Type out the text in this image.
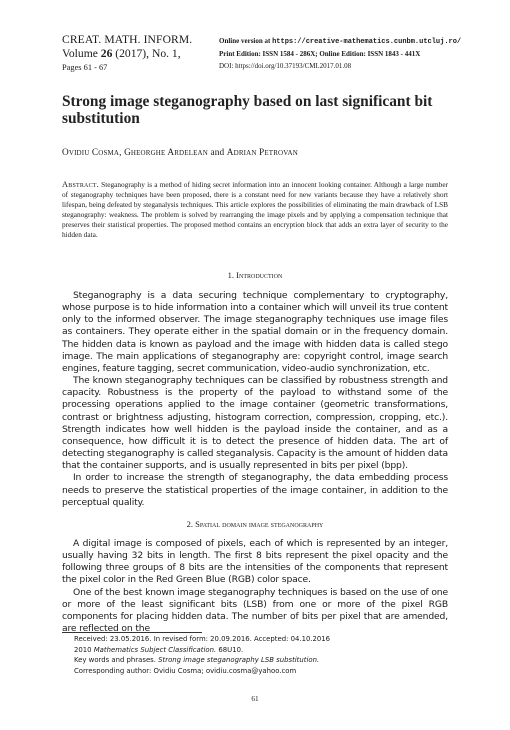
CREAT. MATH. INFORM.
Volume 26 (2017), No. 1,
Pages 61 - 67
Online version at https://creative-mathematics.cunbm.utcluj.ro/
Print Edition: ISSN 1584 - 286X; Online Edition: ISSN 1843 - 441X
DOI: https://doi.org/10.37193/CMI.2017.01.08
Strong image steganography based on last significant bit substitution
Ovidiu Cosma, Gheorghe Ardelean and Adrian Petrovan
Abstract. Steganography is a method of hiding secret information into an innocent looking container. Although a large number of steganography techniques have been proposed, there is a constant need for new variants because they have a relatively short lifespan, being defeated by steganalysis techniques. This article explores the possibilities of eliminating the main drawback of LSB steganography: weakness. The problem is solved by rearranging the image pixels and by applying a compensation technique that preserves their statistical properties. The proposed method contains an encryption block that adds an extra layer of security to the hidden data.
1. Introduction

Steganography is a data securing technique complementary to cryptography, whose purpose is to hide information into a container which will unveil its true content only to the informed observer. The image steganography techniques use image files as containers. They operate either in the spatial domain or in the frequency domain. The hidden data is known as payload and the image with hidden data is called stego image. The main applications of steganography are: copyright control, image search engines, feature tagging, secret communication, video-audio synchronization, etc.

The known steganography techniques can be classified by robustness strength and capacity. Robustness is the property of the payload to withstand some of the processing operations applied to the image container (geometric transformations, contrast or brightness adjusting, histogram correction, compression, cropping, etc.). Strength indicates how well hidden is the payload inside the container, and as a consequence, how difficult it is to detect the presence of hidden data. The art of detecting steganography is called steganalysis. Capacity is the amount of hidden data that the container supports, and is usually represented in bits per pixel (bpp).

In order to increase the strength of steganography, the data embedding process needs to preserve the statistical properties of the image container, in addition to the perceptual quality.

2. Spatial domain image steganography

A digital image is composed of pixels, each of which is represented by an integer, usually having 32 bits in length. The first 8 bits represent the pixel opacity and the following three groups of 8 bits are the intensities of the components that represent the pixel color in the Red Green Blue (RGB) color space.

One of the best known image steganography techniques is based on the use of one or more of the least significant bits (LSB) from one or more of the pixel RGB components for placing hidden data. The number of bits per pixel that are amended, are reflected on the

Received: 23.05.2016. In revised form: 20.09.2016. Accepted: 04.10.2016
2010 Mathematics Subject Classification. 68U10.
Key words and phrases. Strong image steganography LSB substitution.
Corresponding author: Ovidiu Cosma; ovidiu.cosma@yahoo.com
61
